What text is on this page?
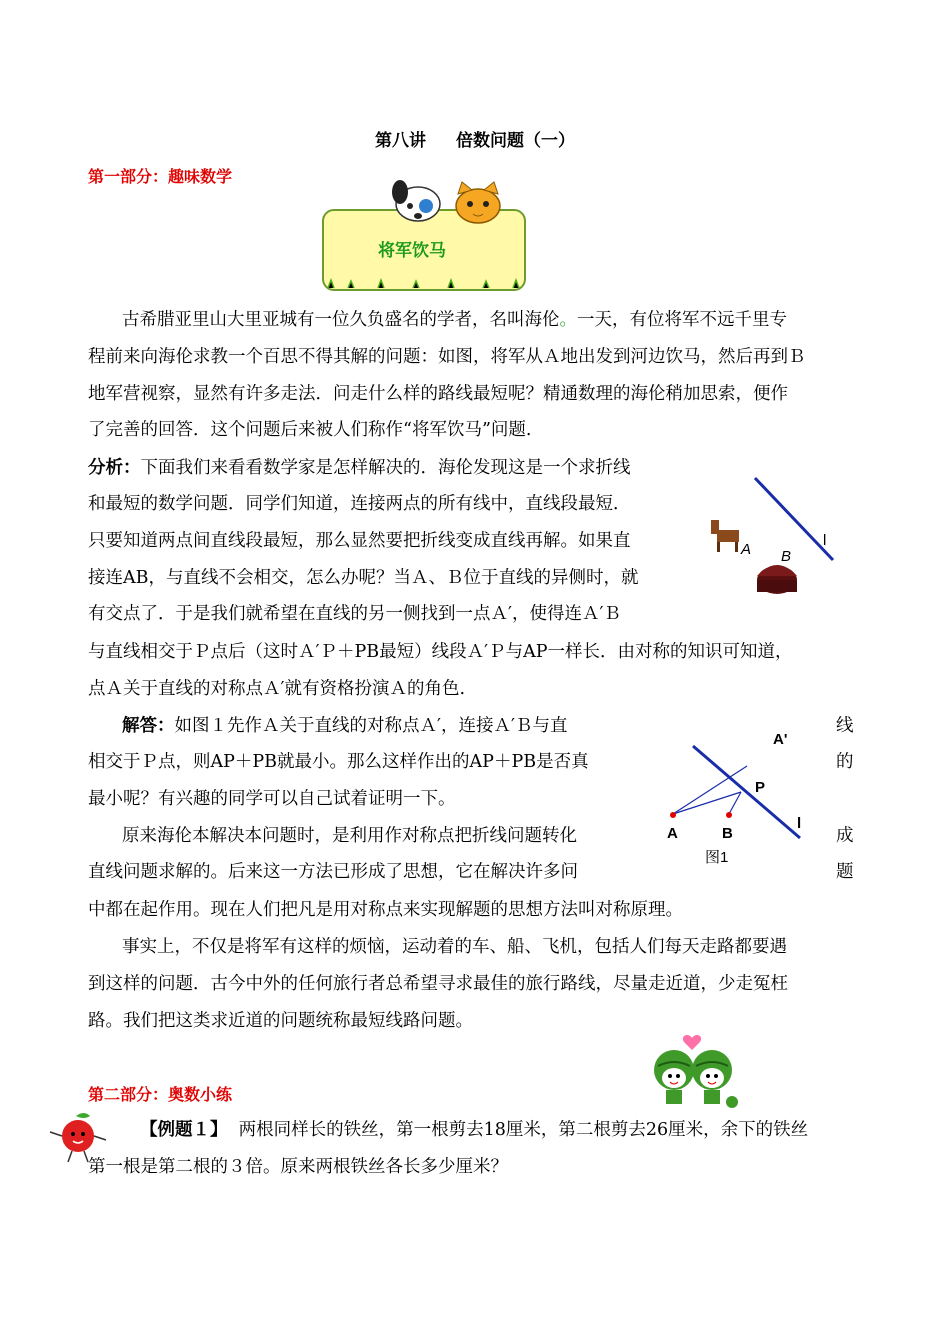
第八讲 倍数问题（一）
第一部分：趣味数学
将军饮马
古希腊亚里山大里亚城有一位久负盛名的学者，名叫海伦。一天，有位将军不远千里专
程前来向海伦求教一个百思不得其解的问题：如图，将军从Ａ地出发到河边饮马，然后再到Ｂ
地军营视察，显然有许多走法．问走什么样的路线最短呢？精通数理的海伦稍加思索，便作
了完善的回答．这个问题后来被人们称作“将军饮马”问题.
分析：下面我们来看看数学家是怎样解决的．海伦发现这是一个求折线
和最短的数学问题．同学们知道，连接两点的所有线中，直线段最短．
只要知道两点间直线段最短，那么显然要把折线变成直线再解。如果直
接连AB，与直线不会相交，怎么办呢？当Ａ、Ｂ位于直线的异侧时，就
有交点了．于是我们就希望在直线的另一侧找到一点Ａ′，使得连Ａ′Ｂ
与直线相交于Ｐ点后（这时Ａ′Ｐ＋PB最短）线段Ａ′Ｐ与AP一样长．由对称的知识可知道，
点Ａ关于直线的对称点Ａ′就有资格扮演Ａ的角色.
A B
l
解答：如图１先作Ａ关于直线的对称点Ａ′，连接Ａ′Ｂ与直	线
相交于Ｐ点，则AP＋PB就最小。那么这样作出的AP＋PB是否真	的
最小呢？有兴趣的同学可以自己试着证明一下。
原来海伦本解决本问题时，是利用作对称点把折线问题转化	成
直线问题求解的。后来这一方法已形成了思想，它在解决许多问	题
中都在起作用。现在人们把凡是用对称点来实现解题的思想方法叫对称原理。
A'
P
A	B
l
图1
事实上，不仅是将军有这样的烦恼，运动着的车、船、飞机，包括人们每天走路都要遇
到这样的问题．古今中外的任何旅行者总希望寻求最佳的旅行路线，尽量走近道，少走冤枉
路。我们把这类求近道的问题统称最短线路问题。
第二部分：奥数小练
【例题１】 两根同样长的铁丝，第一根剪去18厘米，第二根剪去26厘米，余下的铁丝
第一根是第二根的３倍。原来两根铁丝各长多少厘米？
